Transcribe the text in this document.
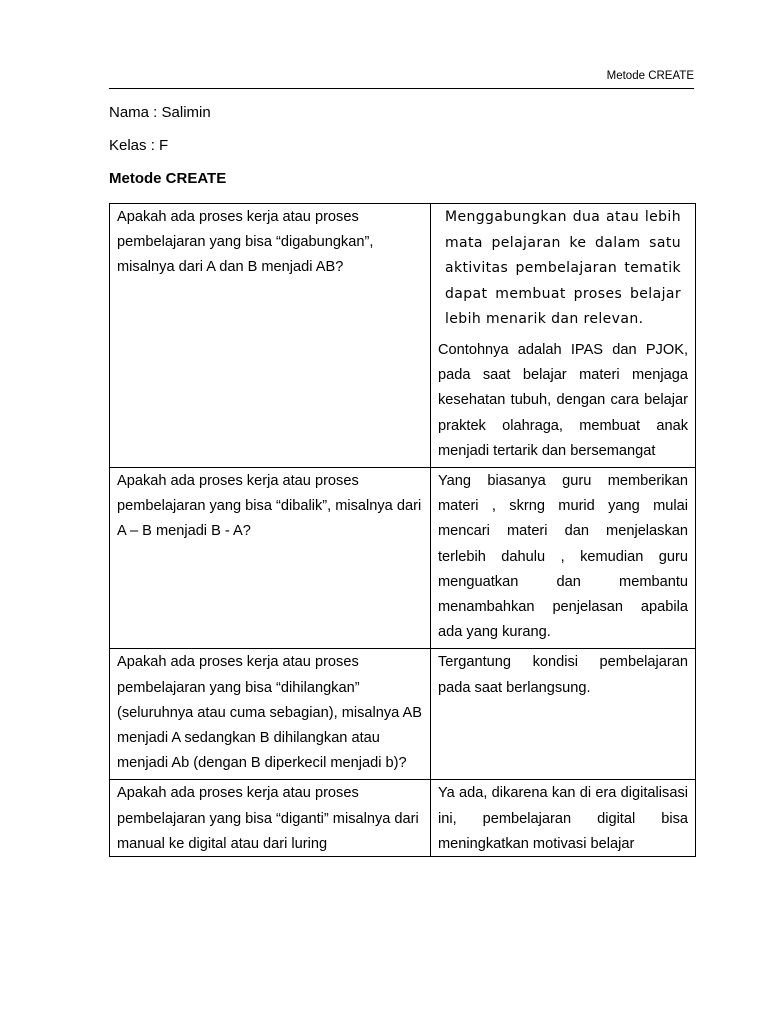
Metode CREATE
Nama : Salimin
Kelas : F
Metode CREATE
Apakah ada proses kerja atau proses pembelajaran yang bisa “digabungkan”, misalnya dari A dan B menjadi AB?	Menggabungkan dua atau lebih mata pelajaran ke dalam satu aktivitas pembelajaran tematik dapat membuat proses belajar lebih menarik dan relevan.

Contohnya adalah IPAS dan PJOK, pada saat belajar materi menjaga kesehatan tubuh, dengan cara belajar praktek olahraga, membuat anak menjadi tertarik dan bersemangat

Apakah ada proses kerja atau proses pembelajaran yang bisa “dibalik”, misalnya dari A – B menjadi B - A?	Yang biasanya guru memberikan materi , skrng murid yang mulai mencari materi dan menjelaskan terlebih dahulu , kemudian guru menguatkan dan membantu menambahkan penjelasan apabila ada yang kurang.

Apakah ada proses kerja atau proses pembelajaran yang bisa “dihilangkan” (seluruhnya atau cuma sebagian), misalnya AB menjadi A sedangkan B dihilangkan atau menjadi Ab (dengan B diperkecil menjadi b)?	Tergantung kondisi pembelajaran pada saat berlangsung.

Apakah ada proses kerja atau proses pembelajaran yang bisa “diganti” misalnya dari manual ke digital atau dari luring	Ya ada, dikarena kan di era digitalisasi ini, pembelajaran digital bisa meningkatkan motivasi belajar
